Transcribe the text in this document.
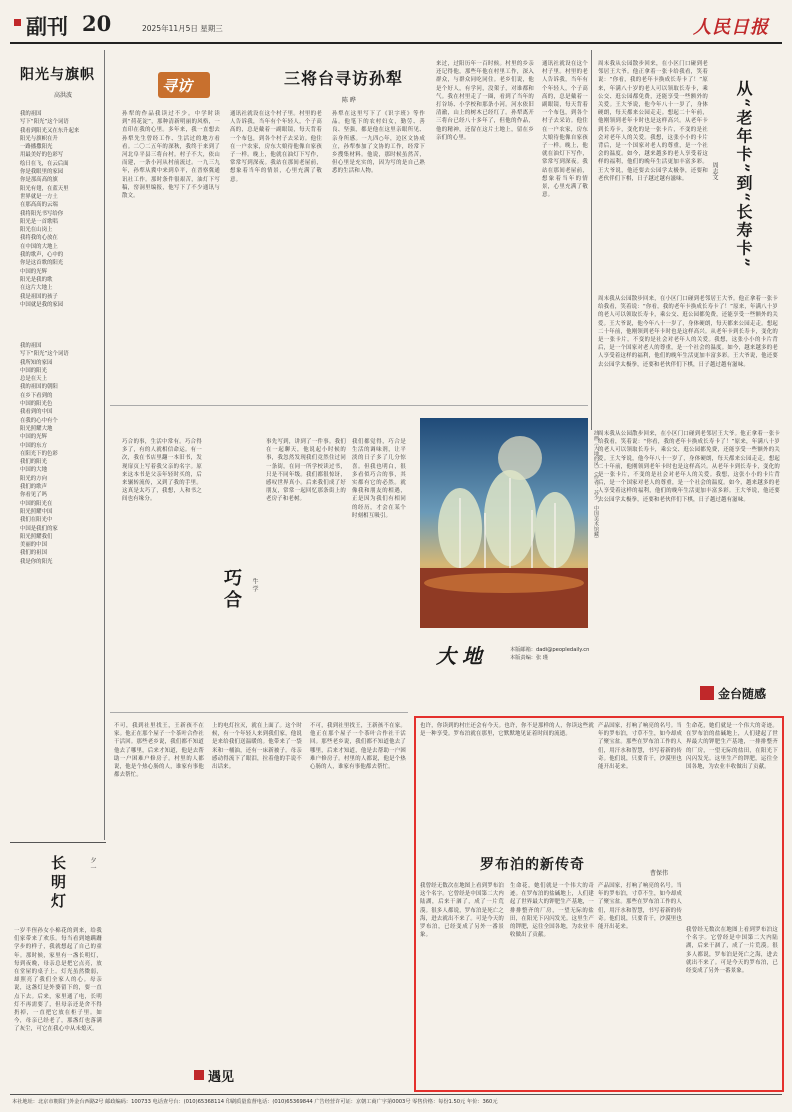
副刊 20	2025年11月5日 星期三	人民日报
阳光与旗帜
高洪波
我的祖国
写下“阳光”这个词语
我看到阳光又在东升起来
阳光与旗帜在升
一路播撒阳光
用最美好的色彩写
绘日在飞，在云后面
你是我眼里的家园
你是那高高的旗
阳光有翅，在蓝天里
世界就是一方土
在那高高的云端
我将阳光书写给你
阳光是一首歌唱
阳光在山岗上
我将我的心放在
在中国的大地上
我的歌声，心中的
你是这首歌的阳光
中国的光辉
阳光是我的歌
在这片大地上
我是祖国的孩子
中国就是我的家园
我的祖国
写下“阳光”这个词语
我所知的家园
中国的阳光
总是在天上
我的祖国的朝阳
在乡下看到的
中国的阳光色
我看到的中国
在我的心中有个
阳光照耀大地
中国的光辉
中国的东方
在阳光下的色彩
我们的阳光
中国的大地
阳光的方向
我们的歌声
你看见了吗
中国的阳光在
阳光照耀中国
我们在阳光中
中国是我们的家
阳光照耀我们
美丽的中国
我们的祖国
我是你的阳光
寻访	三将台寻访孙犁
陈 晔
孙犁的作品我读过不少。中学时读到“荷花淀”，那种清新明丽的风格，一直印在我的心里。多年来，我一直想去孙犁先生曾经工作、生活过的地方看看。二〇二五年的深秋，我终于来到了河北阜平县三将台村。村子不大，依山而建，一条小河从村前流过。一九三九年，孙犁从冀中来到阜平，在晋察冀通讯社工作。那时条件很艰苦，油灯下写稿，窑洞里编报，他写下了不少通讯与散文。
通讯社就设在这个村子里。村里的老人告诉我，当年有个年轻人，个子高高的，总是戴着一副眼镜，每天背着一个布包，到各个村子去采访。他住在一户农家，房东大娘待他像自家孩子一样。晚上，他就在油灯下写作，常常写到深夜。我站在那间老屋前，想象着当年的情景，心里充满了敬意。
孙犁在这里写下了《识字班》等作品。他笔下的农村妇女，勤劳、善良、坚强，都是他在这里亲眼所见、亲身所感。一九四○年，边区文协成立，孙犁参加了文协的工作，经常下乡搜集材料。他说，那时候虽然苦，但心里是充实的，因为写的是自己熟悉的生活和人物。
来过，过阳历年一百时候。村里的乡亲还记得他，那些年他在村里工作，深入群众，与群众同吃同住。老乡们说，他是个好人，有学问，没架子，对谁都和气。我在村里走了一圈，看到了当年的打谷场、小学校和那条小河。河水依旧清澈，山上的树木已经红了。孙犁离开三将台已经八十多年了，但他的作品，他的精神，还留在这片土地上，留在乡亲们的心里。
通讯社就设在这个村子里。村里的老人告诉我，当年有个年轻人，个子高高的，总是戴着一副眼镜，每天背着一个布包，到各个村子去采访。他住在一户农家，房东大娘待他像自家孩子一样。晚上，他就在油灯下写作，常常写到深夜。我站在那间老屋前，想象着当年的情景，心里充满了敬意。
周末我从公园散步回来，在小区门口碰到老邻居王大爷。他正拿着一张卡给我看，笑着说：“你看，我的老年卡换成长寿卡了！”原来，年满八十岁的老人可以领取长寿卡，乘公交、逛公园都免费，还能享受一些额外的关爱。王大爷说，他今年八十一岁了，身体硬朗，每天都来公园走走。想起二十年前，他刚领到老年卡时也是这样高兴。从老年卡到长寿卡，变化的是一张卡片，不变的是社会对老年人的关爱。我想，这张小小的卡片背后，是一个国家对老人的尊重，是一个社会的温度。如今，越来越多的老人享受着这样的福利，他们的晚年生活更加丰富多彩。王大爷说，他还要去公园学太极拳，还要和老伙伴们下棋，日子越过越有滋味。	从“老年卡”到“长寿卡”
周志文
周末我从公园散步回来，在小区门口碰到老邻居王大爷。他正拿着一张卡给我看，笑着说：“你看，我的老年卡换成长寿卡了！”原来，年满八十岁的老人可以领取长寿卡，乘公交、逛公园都免费，还能享受一些额外的关爱。王大爷说，他今年八十一岁了，身体硬朗，每天都来公园走走。想起二十年前，他刚领到老年卡时也是这样高兴。从老年卡到长寿卡，变化的是一张卡片，不变的是社会对老年人的关爱。我想，这张小小的卡片背后，是一个国家对老人的尊重，是一个社会的温度。如今，越来越多的老人享受着这样的福利，他们的晚年生活更加丰富多彩。王大爷说，他还要去公园学太极拳，还要和老伙伴们下棋，日子越过越有滋味。
周末我从公园散步回来，在小区门口碰到老邻居王大爷。他正拿着一张卡给我看，笑着说：“你看，我的老年卡换成长寿卡了！”原来，年满八十岁的老人可以领取长寿卡，乘公交、逛公园都免费，还能享受一些额外的关爱。王大爷说，他今年八十一岁了，身体硬朗，每天都来公园走走。想起二十年前，他刚领到老年卡时也是这样高兴。从老年卡到长寿卡，变化的是一张卡片，不变的是社会对老年人的关爱。我想，这张小小的卡片背后，是一个国家对老人的尊重，是一个社会的温度。如今，越来越多的老人享受着这样的福利，他们的晚年生活更加丰富多彩。王大爷说，他还要去公园学太极拳，还要和老伙伴们下棋，日子越过越有滋味。
金台随感
巧合的事，生活中常有。巧合得多了，有的人就相信命运。有一次，我在书店里翻一本旧书，发现扉页上写着我父亲的名字。原来这本书是父亲年轻时买的，后来辗转流传，又到了我的手里。这真是太巧了，我想，人和书之间也有缘分。
事先写到，讲到了一件事。我们在一起聊天，他说起小时候的事，我忽然发现我们竟然住过同一条街，在同一所学校读过书，只是不同年级。我们都很惊讶，感叹世界真小。后来我们成了好朋友，常常一起回忆那条街上的老房子和老树。
巧合	牛 学
我们都觉得，巧合是生活的调味剂，让平淡的日子多了几分惊喜。但我也明白，很多看似巧合的事，其实都有它的必然。就像我和朋友的相遇，正是因为我们有相同的经历，才会在某个时刻相互吸引。	油画《大地的风》（作者：苏少，中国美术馆藏）
大地	本版邮箱：dadi@peopledaily.cn
本版责编：张 瑾
长明灯	夕 一
一岁半侄孙女小棉花的到来，给我们家带来了欢乐。每当看到她蹒跚学步的样子，我就想起了自己的童年。那时候，家里有一盏长明灯，每到夜晚，母亲总是把它点亮，放在堂屋的桌子上。灯光虽然微弱，却照亮了我们全家人的心。母亲说，这盏灯是外婆留下的，要一直点下去。后来，家里通了电，长明灯不再需要了，但母亲还是舍不得扔掉，一直把它放在柜子里。如今，母亲已经老了，那盏灯也落满了灰尘，可它在我心中从未熄灭。
不可，我到社里找王，王新孩不在家。他正在那个屋子一个茶叶合作社干活回。那些老乡说，我们都不知道他去了哪里，后来才知道，他是去帮助一户困难户修房子。村里的人都说，他是个热心肠的人，谁家有事他都去帮忙。
上的电灯拉灭，就在上面了。这个时候，有一个年轻人来到我们家，他说是来给我们送温暖的。他带来了一袋米和一桶油，还有一床新被子。母亲感动得流下了眼泪，拉着他的手说不出话来。
不可，我到社里找王，王新孩不在家。他正在那个屋子一个茶叶合作社干活回。那些老乡说，我们都不知道他去了哪里，后来才知道，他是去帮助一户困难户修房子。村里的人都说，他是个热心肠的人，谁家有事他都去帮忙。
遇见
也许，你读到的村庄还会有今天。也许，你不是那样的人，你读这些就是一种享受。罗布泊就在那里，它默默地见证着时间的流逝。
生命花，她们就是一个伟大的奇迹。在罗布泊的盐碱地上，人们建起了世界最大的钾肥生产基地，一排排整齐的厂房，一望无际的盐田，在阳光下闪闪发光。这里生产的钾肥，运往全国各地，为农业丰收做出了贡献。
产品国家，打响了响亮的名号。当年的罗布泊，寸草不生，如今却成了聚宝盆。那些在罗布泊工作的人们，用汗水和智慧，书写着新的传奇。他们说，只要肯干，沙漠里也能开出花来。
罗布泊的新传奇
曹保伟
我曾经无数次在地图上看到罗布泊这个名字。它曾经是中国第二大内陆湖，后来干涸了，成了一片荒漠。很多人都说，罗布泊是死亡之海，进去就出不来了。可是今天的罗布泊，已经变成了另外一番景象。
生命花，她们就是一个伟大的奇迹。在罗布泊的盐碱地上，人们建起了世界最大的钾肥生产基地，一排排整齐的厂房，一望无际的盐田，在阳光下闪闪发光。这里生产的钾肥，运往全国各地，为农业丰收做出了贡献。
产品国家，打响了响亮的名号。当年的罗布泊，寸草不生，如今却成了聚宝盆。那些在罗布泊工作的人们，用汗水和智慧，书写着新的传奇。他们说，只要肯干，沙漠里也能开出花来。	我曾经无数次在地图上看到罗布泊这个名字。它曾经是中国第二大内陆湖，后来干涸了，成了一片荒漠。很多人都说，罗布泊是死亡之海，进去就出不来了。可是今天的罗布泊，已经变成了另外一番景象。
本社地址：北京市朝阳门外金台西路2号 邮政编码：100733 电话查号台：(010)65368114 印刷质量监督电话：(010)65369844 广告经营许可证：京朝工商广字第0003号 零售价格：每份1.50元 年价：360元
